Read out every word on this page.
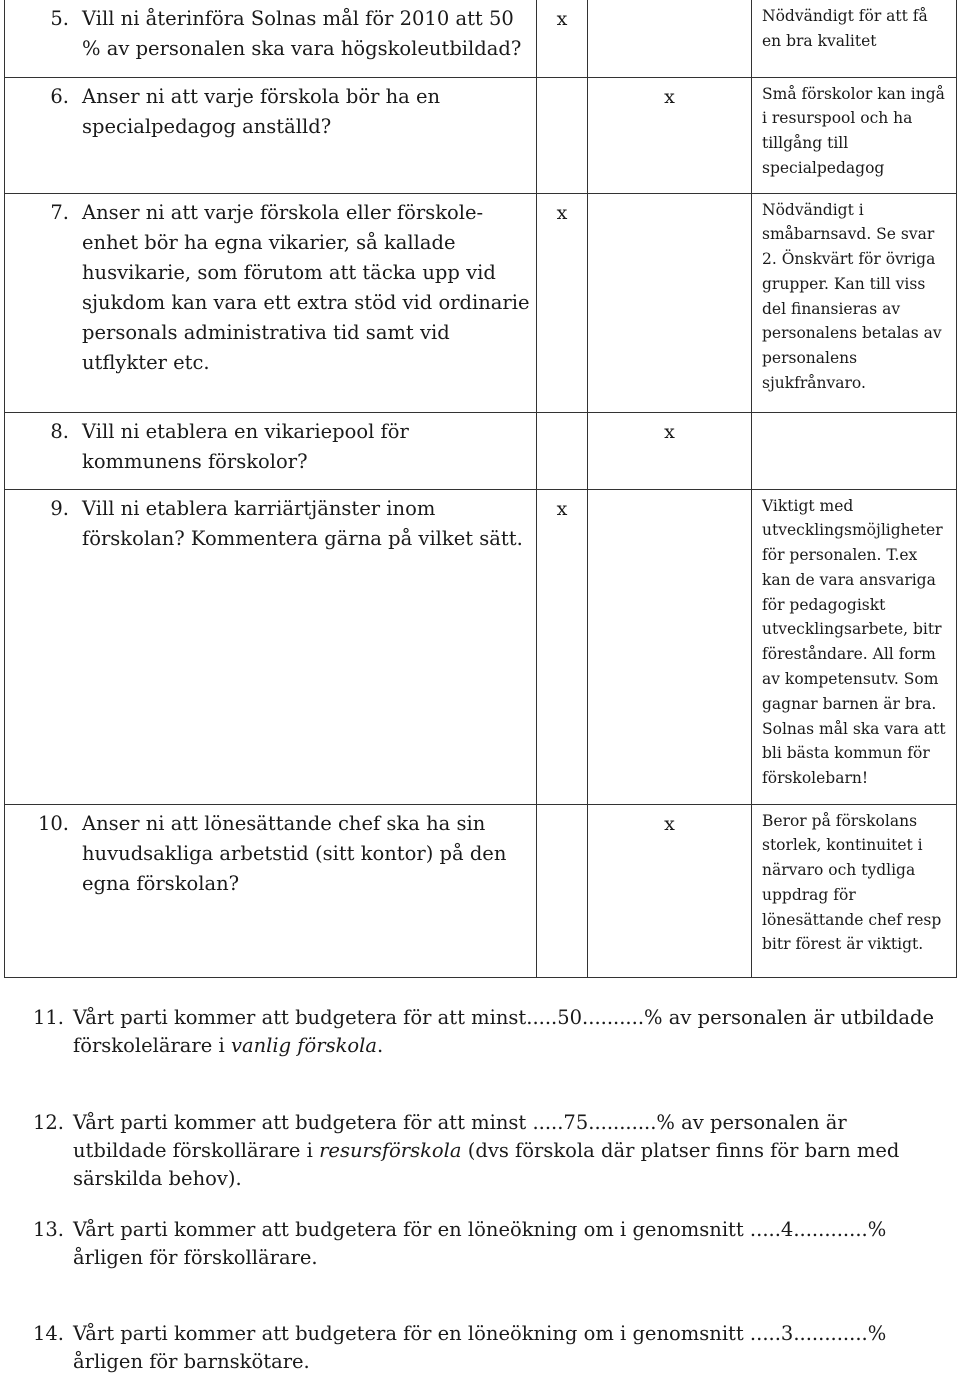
5. Vill ni återinföra Solnas mål för 2010 att 50 % av personalen ska vara högskoleutbildad?	x		Nödvändigt för att få en bra kvalitet

6. Anser ni att varje förskola bör ha en specialpedagog anställd?		x	Små förskolor kan ingå i resurspool och ha tillgång till specialpedagog

7. Anser ni att varje förskola eller förskole-enhet bör ha egna vikarier, så kallade husvikarie, som förutom att täcka upp vid sjukdom kan vara ett extra stöd vid ordinarie personals administrativa tid samt vid utflykter etc.	x		Nödvändigt i småbarnsavd. Se svar 2. Önskvärt för övriga grupper. Kan till viss del finansieras av personalens betalas av personalens sjukfrånvaro.

8. Vill ni etablera en vikariepool för kommunens förskolor?		x	

9. Vill ni etablera karriärtjänster inom förskolan? Kommentera gärna på vilket sätt.	x		Viktigt med utvecklingsmöjligheter för personalen. T.ex kan de vara ansvariga för pedagogiskt utvecklingsarbete, bitr föreståndare. All form av kompetensutv. Som gagnar barnen är bra. Solnas mål ska vara att bli bästa kommun för förskolebarn!

10. Anser ni att lönesättande chef ska ha sin huvudsakliga arbetstid (sitt kontor) på den egna förskolan?		x	Beror på förskolans storlek, kontinuitet i närvaro och tydliga uppdrag för lönesättande chef resp bitr förest är viktigt.
11. Vårt parti kommer att budgetera för att minst.....50..........% av personalen är utbildade förskolelärare i vanlig förskola.
12. Vårt parti kommer att budgetera för att minst .....75...........% av personalen är utbildade förskollärare i resursförskola (dvs förskola där platser finns för barn med särskilda behov).
13. Vårt parti kommer att budgetera för en löneökning om i genomsnitt .....4............% årligen för förskollärare.
14. Vårt parti kommer att budgetera för en löneökning om i genomsnitt .....3............% årligen för barnskötare.
